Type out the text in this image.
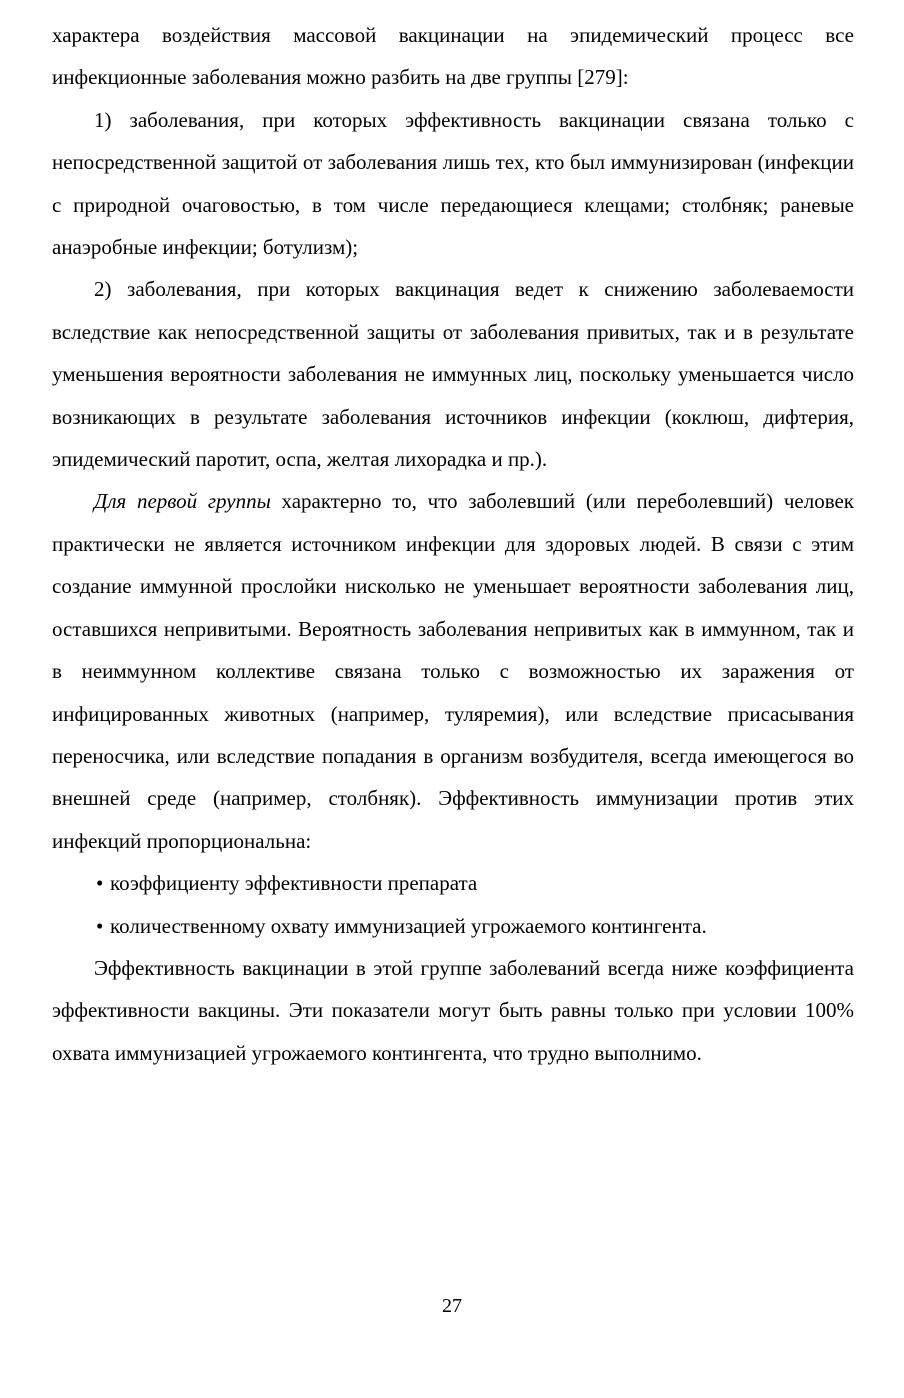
характера воздействия массовой вакцинации на эпидемический процесс все инфекционные заболевания можно разбить на две группы [279]:

1) заболевания, при которых эффективность вакцинации связана только с непосредственной защитой от заболевания лишь тех, кто был иммунизирован (инфекции с природной очаговостью, в том числе передающиеся клещами; столбняк; раневые анаэробные инфекции; ботулизм);

2) заболевания, при которых вакцинация ведет к снижению заболеваемости вследствие как непосредственной защиты от заболевания привитых, так и в результате уменьшения вероятности заболевания не иммунных лиц, поскольку уменьшается число возникающих в результате заболевания источников инфекции (коклюш, дифтерия, эпидемический паротит, оспа, желтая лихорадка и пр.).

Для первой группы характерно то, что заболевший (или переболевший) человек практически не является источником инфекции для здоровых людей. В связи с этим создание иммунной прослойки нисколько не уменьшает вероятности заболевания лиц, оставшихся непривитыми. Вероятность заболевания непривитых как в иммунном, так и в неиммунном коллективе связана только с возможностью их заражения от инфицированных животных (например, туляремия), или вследствие присасывания переносчика, или вследствие попадания в организм возбудителя, всегда имеющегося во внешней среде (например, столбняк). Эффективность иммунизации против этих инфекций пропорциональна:

• коэффициенту эффективности препарата
• количественному охвату иммунизацией угрожаемого контингента.

Эффективность вакцинации в этой группе заболеваний всегда ниже коэффициента эффективности вакцины. Эти показатели могут быть равны только при условии 100% охвата иммунизацией угрожаемого контингента, что трудно выполнимо.

27
